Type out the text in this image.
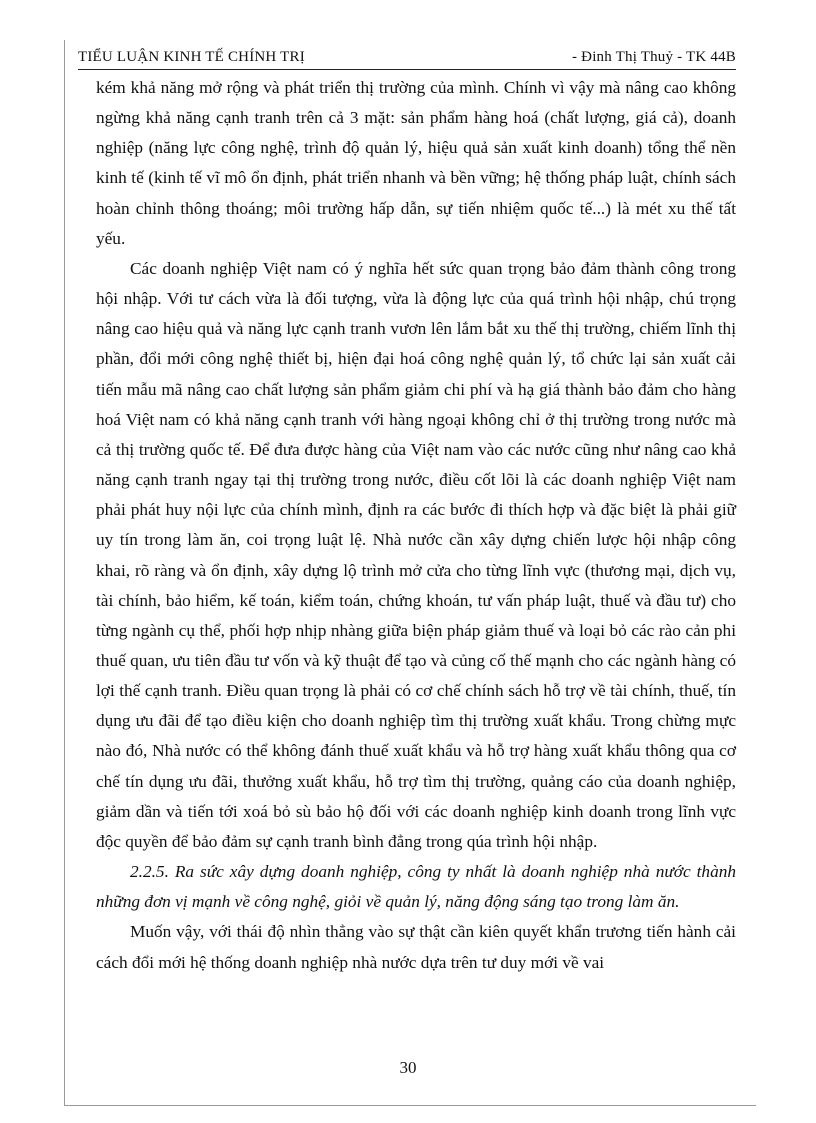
TIỂU LUẬN KINH TẾ CHÍNH TRỊ	- Đinh Thị Thuỷ - TK 44B

kém khả năng mở rộng và phát triển thị trường của mình. Chính vì vậy mà nâng cao không ngừng khả năng cạnh tranh trên cả 3 mặt: sản phẩm hàng hoá (chất lượng, giá cả), doanh nghiệp (năng lực công nghệ, trình độ quản lý, hiệu quả sản xuất kinh doanh) tổng thể nền kinh tế (kinh tế vĩ mô ổn định, phát triển nhanh và bền vững; hệ thống pháp luật, chính sách hoàn chỉnh thông thoáng; môi trường hấp dẫn, sự tiến nhiệm quốc tế...) là mét xu thế tất yếu.

Các doanh nghiệp Việt nam có ý nghĩa hết sức quan trọng bảo đảm thành công trong hội nhập. Với tư cách vừa là đối tượng, vừa là động lực của quá trình hội nhập, chú trọng nâng cao hiệu quả và năng lực cạnh tranh vươn lên lắm bắt xu thế thị trường, chiếm lĩnh thị phần, đổi mới công nghệ thiết bị, hiện đại hoá công nghệ quản lý, tổ chức lại sản xuất cải tiến mẫu mã nâng cao chất lượng sản phẩm giảm chi phí và hạ giá thành bảo đảm cho hàng hoá Việt nam có khả năng cạnh tranh với hàng ngoại không chỉ ở thị trường trong nước mà cả thị trường quốc tế. Để đưa được hàng của Việt nam vào các nước cũng như nâng cao khả năng cạnh tranh ngay tại thị trường trong nước, điều cốt lõi là các doanh nghiệp Việt nam phải phát huy nội lực của chính mình, định ra các bước đi thích hợp và đặc biệt là phải giữ uy tín trong làm ăn, coi trọng luật lệ. Nhà nước cần xây dựng chiến lược hội nhập công khai, rõ ràng và ổn định, xây dựng lộ trình mở cửa cho từng lĩnh vực (thương mại, dịch vụ, tài chính, bảo hiểm, kế toán, kiểm toán, chứng khoán, tư vấn pháp luật, thuế và đầu tư) cho từng ngành cụ thể, phối hợp nhịp nhàng giữa biện pháp giảm thuế và loại bỏ các rào cản phi thuế quan, ưu tiên đầu tư vốn và kỹ thuật để tạo và củng cố thế mạnh cho các ngành hàng có lợi thế cạnh tranh. Điều quan trọng là phải có cơ chế chính sách hỗ trợ về tài chính, thuế, tín dụng ưu đãi để tạo điều kiện cho doanh nghiệp tìm thị trường xuất khẩu. Trong chừng mực nào đó, Nhà nước có thể không đánh thuế xuất khẩu và hỗ trợ hàng xuất khẩu thông qua cơ chế tín dụng ưu đãi, thưởng xuất khẩu, hỗ trợ tìm thị trường, quảng cáo của doanh nghiệp, giảm dần và tiến tới xoá bỏ sù bảo hộ đối với các doanh nghiệp kinh doanh trong lĩnh vực độc quyền để bảo đảm sự cạnh tranh bình đẳng trong qúa trình hội nhập.

2.2.5. Ra sức xây dựng doanh nghiệp, công ty nhất là doanh nghiệp nhà nước thành những đơn vị mạnh về công nghệ, giỏi về quản lý, năng động sáng tạo trong làm ăn.

Muốn vậy, với thái độ nhìn thẳng vào sự thật cần kiên quyết khẩn trương tiến hành cải cách đổi mới hệ thống doanh nghiệp nhà nước dựa trên tư duy mới về vai

30
